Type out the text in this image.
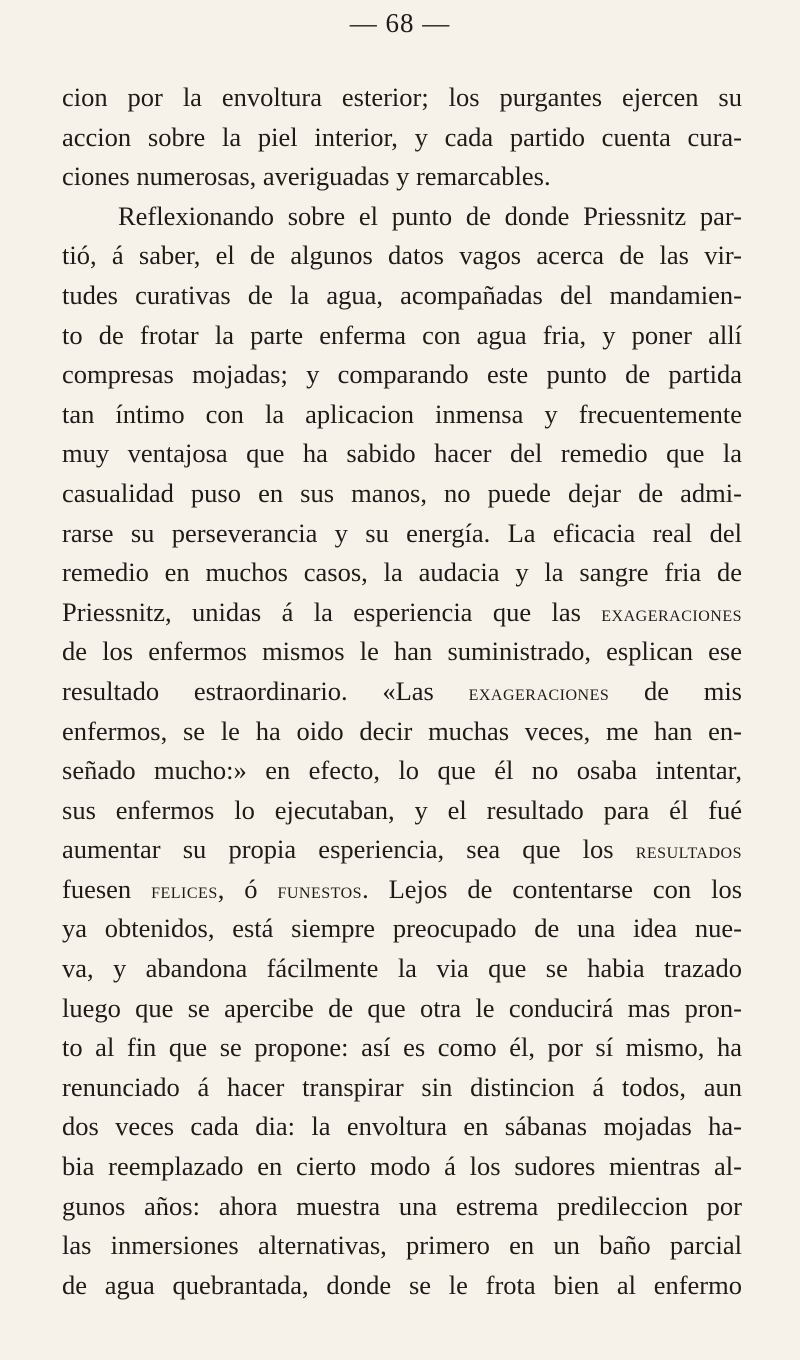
— 68 —
cion por la envoltura esterior; los purgantes ejercen su
accion sobre la piel interior, y cada partido cuenta cura-
ciones numerosas, averiguadas y remarcables.
Reflexionando sobre el punto de donde Priessnitz par-
tió, á saber, el de algunos datos vagos acerca de las vir-
tudes curativas de la agua, acompañadas del mandamien-
to de frotar la parte enferma con agua fria, y poner allí
compresas mojadas; y comparando este punto de partida
tan íntimo con la aplicacion inmensa y frecuentemente
muy ventajosa que ha sabido hacer del remedio que la
casualidad puso en sus manos, no puede dejar de admi-
rarse su perseverancia y su energía. La eficacia real del
remedio en muchos casos, la audacia y la sangre fria de
Priessnitz, unidas á la esperiencia que las exageraciones
de los enfermos mismos le han suministrado, esplican ese
resultado estraordinario. «Las exageraciones de mis
enfermos, se le ha oido decir muchas veces, me han en-
señado mucho:» en efecto, lo que él no osaba intentar,
sus enfermos lo ejecutaban, y el resultado para él fué
aumentar su propia esperiencia, sea que los resultados
fuesen felices, ó funestos. Lejos de contentarse con los
ya obtenidos, está siempre preocupado de una idea nue-
va, y abandona fácilmente la via que se habia trazado
luego que se apercibe de que otra le conducirá mas pron-
to al fin que se propone: así es como él, por sí mismo, ha
renunciado á hacer transpirar sin distincion á todos, aun
dos veces cada dia: la envoltura en sábanas mojadas ha-
bia reemplazado en cierto modo á los sudores mientras al-
gunos años: ahora muestra una estrema predileccion por
las inmersiones alternativas, primero en un baño parcial
de agua quebrantada, donde se le frota bien al enfermo
